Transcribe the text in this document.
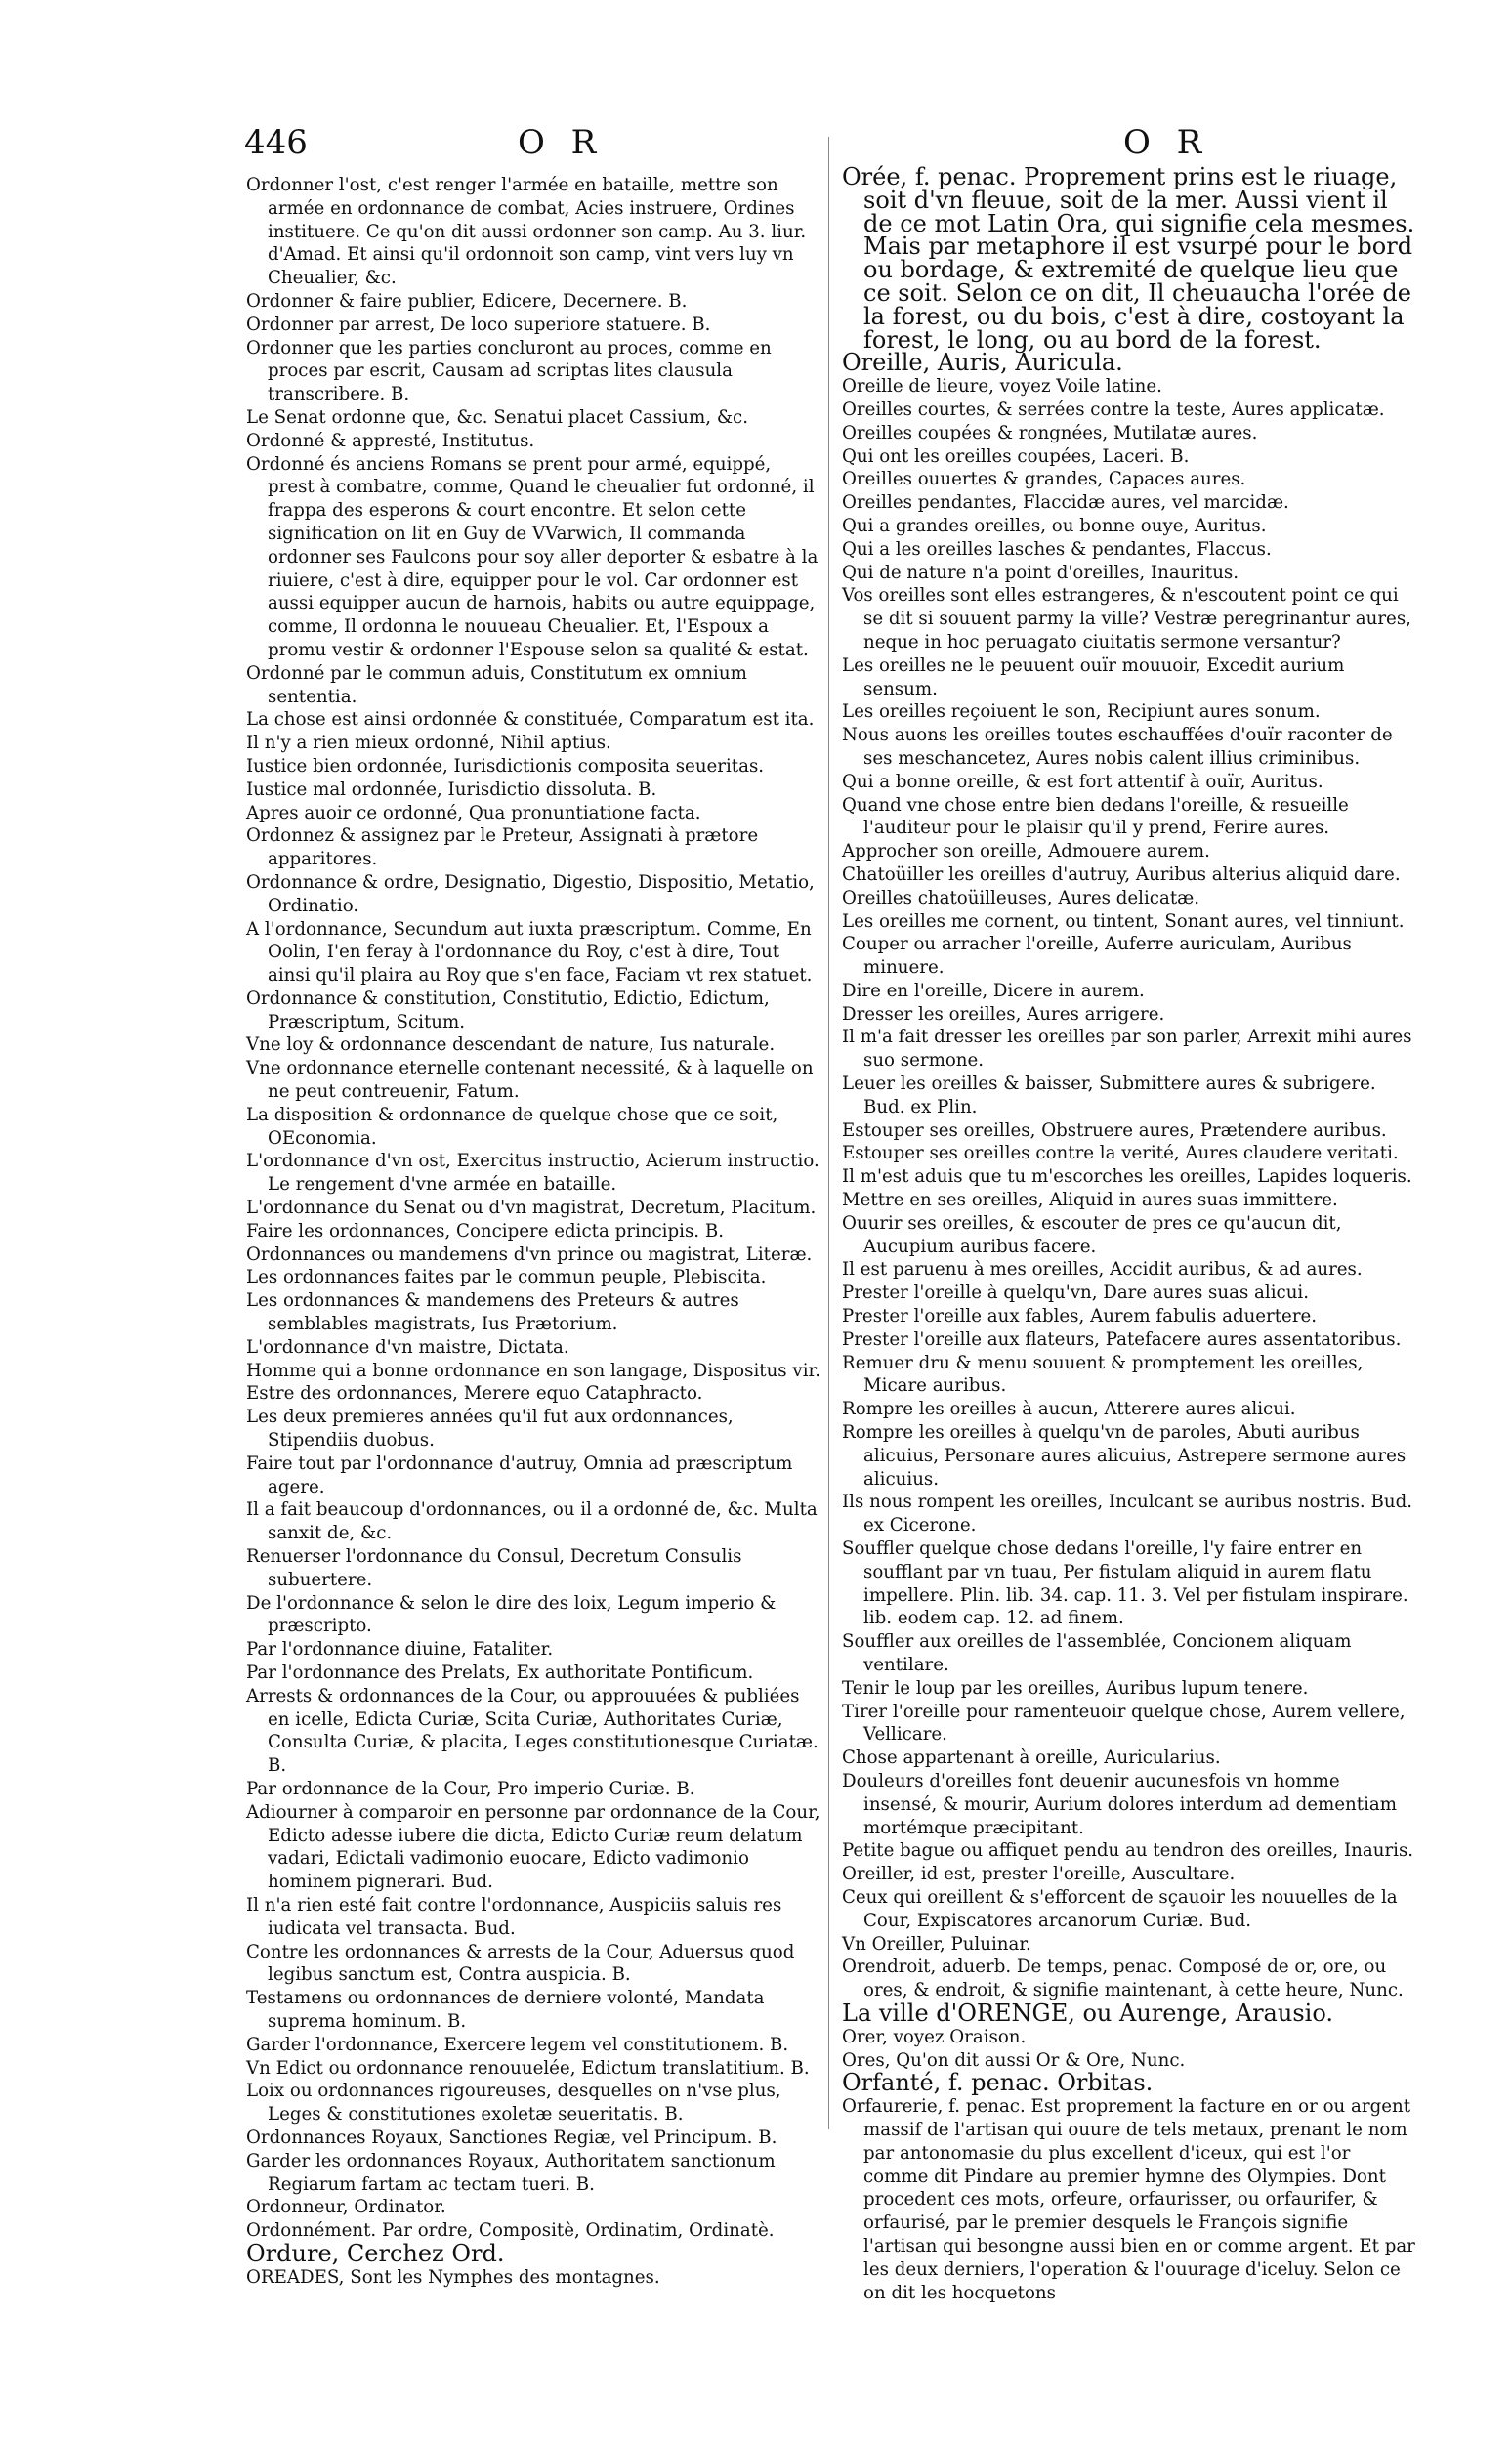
446	O R	O R

Ordonner l'ost, c'est renger l'armée en bataille, mettre son armée en ordonnance de combat, Acies instruere, Ordines instituere. Ce qu'on dit aussi ordonner son camp. Au 3. liur. d'Amad. Et ainsi qu'il ordonnoit son camp, vint vers luy vn Cheualier, &c.

Ordonner & faire publier, Edicere, Decernere. B.

Ordonner par arrest, De loco superiore statuere. B.

Ordonner que les parties concluront au proces, comme en proces par escrit, Causam ad scriptas lites clausula transcribere. B.

Le Senat ordonne que, &c. Senatui placet Cassium, &c.

Ordonné & appresté, Institutus.

Ordonné és anciens Romans se prent pour armé, equippé, prest à combatre, comme, Quand le cheualier fut ordonné, il frappa des esperons & court encontre. Et selon cette signification on lit en Guy de VVarwich, Il commanda ordonner ses Faulcons pour soy aller deporter & esbatre à la riuiere, c'est à dire, equipper pour le vol. Car ordonner est aussi equipper aucun de harnois, habits ou autre equippage, comme, Il ordonna le nouueau Cheualier. Et, l'Espoux a promu vestir & ordonner l'Espouse selon sa qualité & estat.

Ordonné par le commun aduis, Constitutum ex omnium sententia.

La chose est ainsi ordonnée & constituée, Comparatum est ita.

Il n'y a rien mieux ordonné, Nihil aptius.

Iustice bien ordonnée, Iurisdictionis composita seueritas.

Iustice mal ordonnée, Iurisdictio dissoluta. B.

Apres auoir ce ordonné, Qua pronuntiatione facta.

Ordonnez & assignez par le Preteur, Assignati à prætore apparitores.

Ordonnance & ordre, Designatio, Digestio, Dispositio, Metatio, Ordinatio.

A l'ordonnance, Secundum aut iuxta præscriptum. Comme, En Oolin, I'en feray à l'ordonnance du Roy, c'est à dire, Tout ainsi qu'il plaira au Roy que s'en face, Faciam vt rex statuet.

Ordonnance & constitution, Constitutio, Edictio, Edictum, Præscriptum, Scitum.

Vne loy & ordonnance descendant de nature, Ius naturale.

Vne ordonnance eternelle contenant necessité, & à laquelle on ne peut contreuenir, Fatum.

La disposition & ordonnance de quelque chose que ce soit, OEconomia.

L'ordonnance d'vn ost, Exercitus instructio, Acierum instructio. Le rengement d'vne armée en bataille.

L'ordonnance du Senat ou d'vn magistrat, Decretum, Placitum.

Faire les ordonnances, Concipere edicta principis. B.

Ordonnances ou mandemens d'vn prince ou magistrat, Literæ.

Les ordonnances faites par le commun peuple, Plebiscita.

Les ordonnances & mandemens des Preteurs & autres semblables magistrats, Ius Prætorium.

L'ordonnance d'vn maistre, Dictata.

Homme qui a bonne ordonnance en son langage, Dispositus vir.

Estre des ordonnances, Merere equo Cataphracto.

Les deux premieres années qu'il fut aux ordonnances, Stipendiis duobus.

Faire tout par l'ordonnance d'autruy, Omnia ad præscriptum agere.

Il a fait beaucoup d'ordonnances, ou il a ordonné de, &c. Multa sanxit de, &c.

Renuerser l'ordonnance du Consul, Decretum Consulis subuertere.

De l'ordonnance & selon le dire des loix, Legum imperio & præscripto.

Par l'ordonnance diuine, Fataliter.

Par l'ordonnance des Prelats, Ex authoritate Pontificum.

Arrests & ordonnances de la Cour, ou approuuées & publiées en icelle, Edicta Curiæ, Scita Curiæ, Authoritates Curiæ, Consulta Curiæ, & placita, Leges constitutionesque Curiatæ. B.

Par ordonnance de la Cour, Pro imperio Curiæ. B.

Adiourner à comparoir en personne par ordonnance de la Cour, Edicto adesse iubere die dicta, Edicto Curiæ reum delatum vadari, Edictali vadimonio euocare, Edicto vadimonio hominem pignerari. Bud.

Il n'a rien esté fait contre l'ordonnance, Auspiciis saluis res iudicata vel transacta. Bud.

Contre les ordonnances & arrests de la Cour, Aduersus quod legibus sanctum est, Contra auspicia. B.

Testamens ou ordonnances de derniere volonté, Mandata suprema hominum. B.

Garder l'ordonnance, Exercere legem vel constitutionem. B.

Vn Edict ou ordonnance renouuelée, Edictum translatitium. B.

Loix ou ordonnances rigoureuses, desquelles on n'vse plus, Leges & constitutiones exoletæ seueritatis. B.

Ordonnances Royaux, Sanctiones Regiæ, vel Principum. B.

Garder les ordonnances Royaux, Authoritatem sanctionum Regiarum fartam ac tectam tueri. B.

Ordonneur, Ordinator.

Ordonnément. Par ordre, Compositè, Ordinatim, Ordinatè.

Ordure, Cerchez Ord.

OREADES, Sont les Nymphes des montagnes.

Orée, f. penac. Proprement prins est le riuage, soit d'vn fleuue, soit de la mer. Aussi vient il de ce mot Latin Ora, qui signifie cela mesmes. Mais par metaphore il est vsurpé pour le bord ou bordage, & extremité de quelque lieu que ce soit. Selon ce on dit, Il cheuaucha l'orée de la forest, ou du bois, c'est à dire, costoyant la forest, le long, ou au bord de la forest.

Oreille, Auris, Auricula.

Oreille de lieure, voyez Voile latine.

Oreilles courtes, & serrées contre la teste, Aures applicatæ.

Oreilles coupées & rongnées, Mutilatæ aures.

Qui ont les oreilles coupées, Laceri. B.

Oreilles ouuertes & grandes, Capaces aures.

Oreilles pendantes, Flaccidæ aures, vel marcidæ.

Qui a grandes oreilles, ou bonne ouye, Auritus.

Qui a les oreilles lasches & pendantes, Flaccus.

Qui de nature n'a point d'oreilles, Inauritus.

Vos oreilles sont elles estrangeres, & n'escoutent point ce qui se dit si souuent parmy la ville? Vestræ peregrinantur aures, neque in hoc peruagato ciuitatis sermone versantur?

Les oreilles ne le peuuent ouïr mouuoir, Excedit aurium sensum.

Les oreilles reçoiuent le son, Recipiunt aures sonum.

Nous auons les oreilles toutes eschauffées d'ouïr raconter de ses meschancetez, Aures nobis calent illius criminibus.

Qui a bonne oreille, & est fort attentif à ouïr, Auritus.

Quand vne chose entre bien dedans l'oreille, & resueille l'auditeur pour le plaisir qu'il y prend, Ferire aures.

Approcher son oreille, Admouere aurem.

Chatoüiller les oreilles d'autruy, Auribus alterius aliquid dare.

Oreilles chatoüilleuses, Aures delicatæ.

Les oreilles me cornent, ou tintent, Sonant aures, vel tinniunt.

Couper ou arracher l'oreille, Auferre auriculam, Auribus minuere.

Dire en l'oreille, Dicere in aurem.

Dresser les oreilles, Aures arrigere.

Il m'a fait dresser les oreilles par son parler, Arrexit mihi aures suo sermone.

Leuer les oreilles & baisser, Submittere aures & subrigere. Bud. ex Plin.

Estouper ses oreilles, Obstruere aures, Prætendere auribus.

Estouper ses oreilles contre la verité, Aures claudere veritati.

Il m'est aduis que tu m'escorches les oreilles, Lapides loqueris.

Mettre en ses oreilles, Aliquid in aures suas immittere.

Ouurir ses oreilles, & escouter de pres ce qu'aucun dit, Aucupium auribus facere.

Il est paruenu à mes oreilles, Accidit auribus, & ad aures.

Prester l'oreille à quelqu'vn, Dare aures suas alicui.

Prester l'oreille aux fables, Aurem fabulis aduertere.

Prester l'oreille aux flateurs, Patefacere aures assentatoribus.

Remuer dru & menu souuent & promptement les oreilles, Micare auribus.

Rompre les oreilles à aucun, Atterere aures alicui.

Rompre les oreilles à quelqu'vn de paroles, Abuti auribus alicuius, Personare aures alicuius, Astrepere sermone aures alicuius.

Ils nous rompent les oreilles, Inculcant se auribus nostris. Bud. ex Cicerone.

Souffler quelque chose dedans l'oreille, l'y faire entrer en soufflant par vn tuau, Per fistulam aliquid in aurem flatu impellere. Plin. lib. 34. cap. 11. 3. Vel per fistulam inspirare. lib. eodem cap. 12. ad finem.

Souffler aux oreilles de l'assemblée, Concionem aliquam ventilare.

Tenir le loup par les oreilles, Auribus lupum tenere.

Tirer l'oreille pour ramenteuoir quelque chose, Aurem vellere, Vellicare.

Chose appartenant à oreille, Auricularius.

Douleurs d'oreilles font deuenir aucunesfois vn homme insensé, & mourir, Aurium dolores interdum ad dementiam mortémque præcipitant.

Petite bague ou affiquet pendu au tendron des oreilles, Inauris.

Oreiller, id est, prester l'oreille, Auscultare.

Ceux qui oreillent & s'efforcent de sçauoir les nouuelles de la Cour, Expiscatores arcanorum Curiæ. Bud.

Vn Oreiller, Puluinar.

Orendroit, aduerb. De temps, penac. Composé de or, ore, ou ores, & endroit, & signifie maintenant, à cette heure, Nunc.

La ville d'ORENGE, ou Aurenge, Arausio.

Orer, voyez Oraison.

Ores, Qu'on dit aussi Or & Ore, Nunc.

Orfanté, f. penac. Orbitas.

Orfaurerie, f. penac. Est proprement la facture en or ou argent massif de l'artisan qui ouure de tels metaux, prenant le nom par antonomasie du plus excellent d'iceux, qui est l'or comme dit Pindare au premier hymne des Olympies. Dont procedent ces mots, orfeure, orfaurisser, ou orfaurifer, & orfaurisé, par le premier desquels le François signifie l'artisan qui besongne aussi bien en or comme argent. Et par les deux derniers, l'operation & l'ouurage d'iceluy. Selon ce on dit les hocquetons
